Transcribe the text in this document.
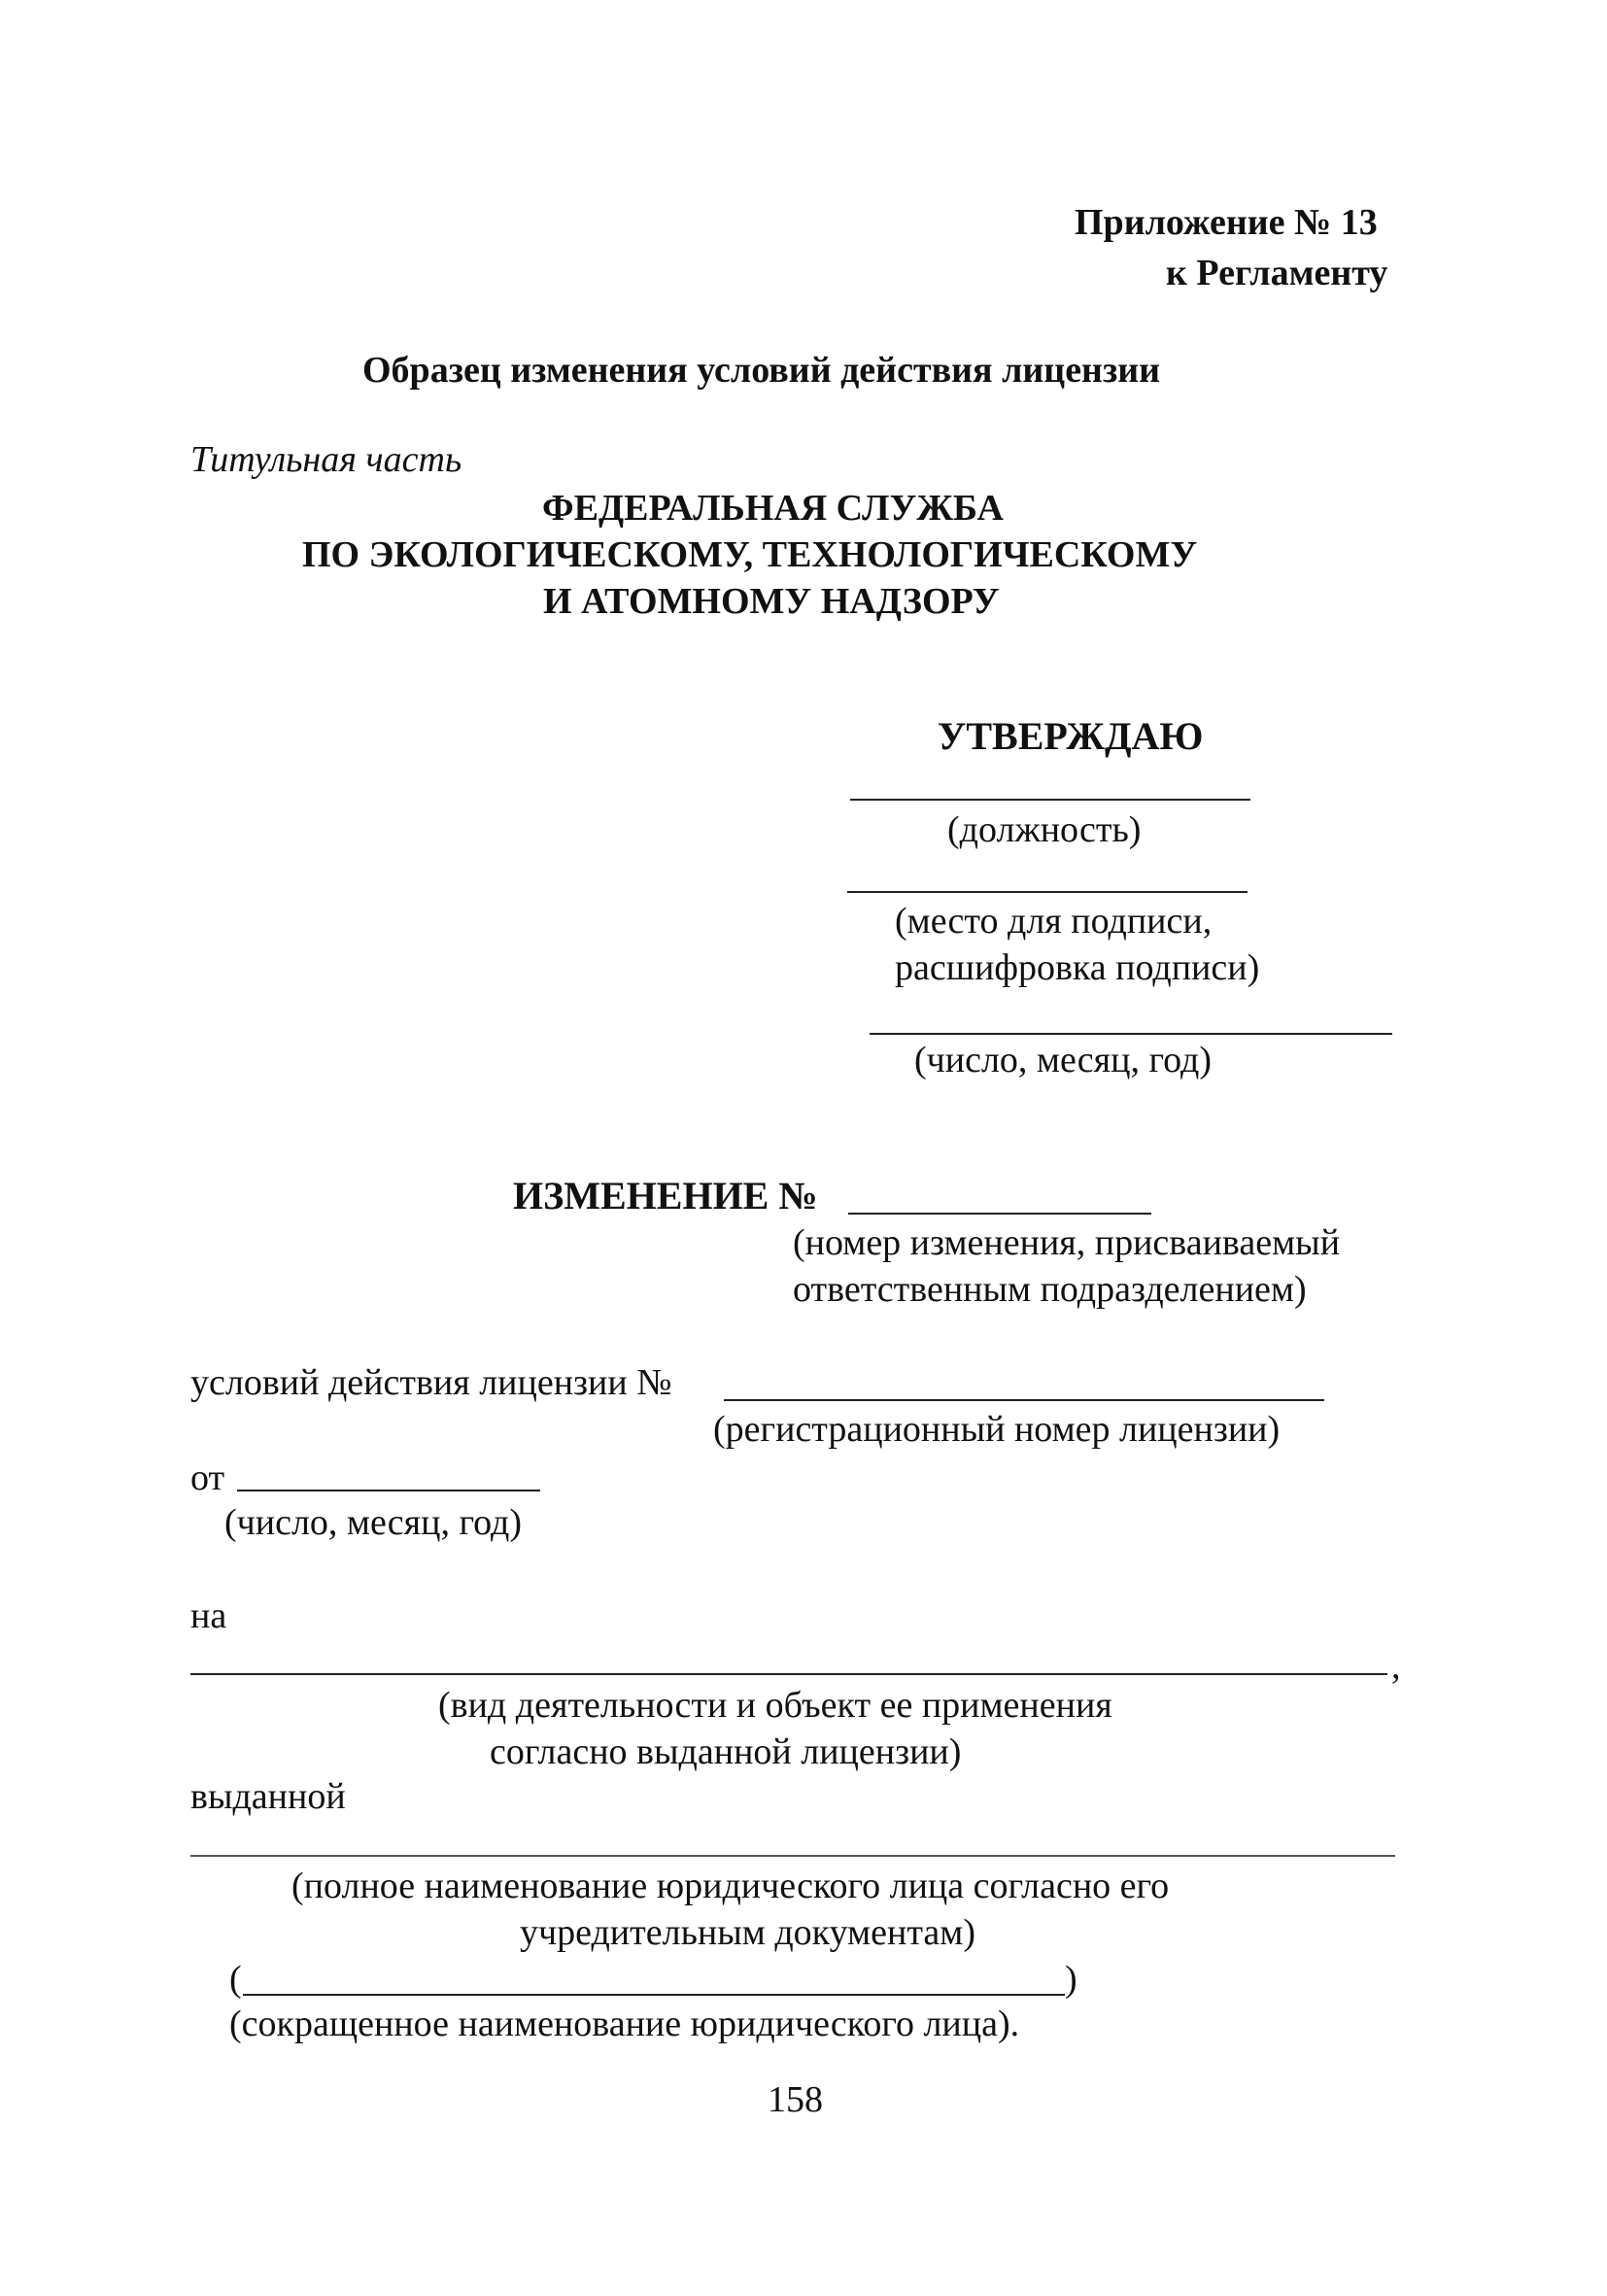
Приложение № 13
к Регламенту
Образец изменения условий действия лицензии
Титульная часть
ФЕДЕРАЛЬНАЯ СЛУЖБА
ПО ЭКОЛОГИЧЕСКОМУ, ТЕХНОЛОГИЧЕСКОМУ
И АТОМНОМУ НАДЗОРУ
УТВЕРЖДАЮ
(должность)
(место для подписи,
расшифровка подписи)
(число, месяц, год)
ИЗМЕНЕНИЕ №
(номер изменения, присваиваемый
ответственным подразделением)
условий действия лицензии №
(регистрационный номер лицензии)
от
(число, месяц, год)
на
,
(вид деятельности и объект ее применения
согласно выданной лицензии)
выданной
(полное наименование юридического лица согласно его
учредительным документам)
(	)
(сокращенное наименование юридического лица).
158
